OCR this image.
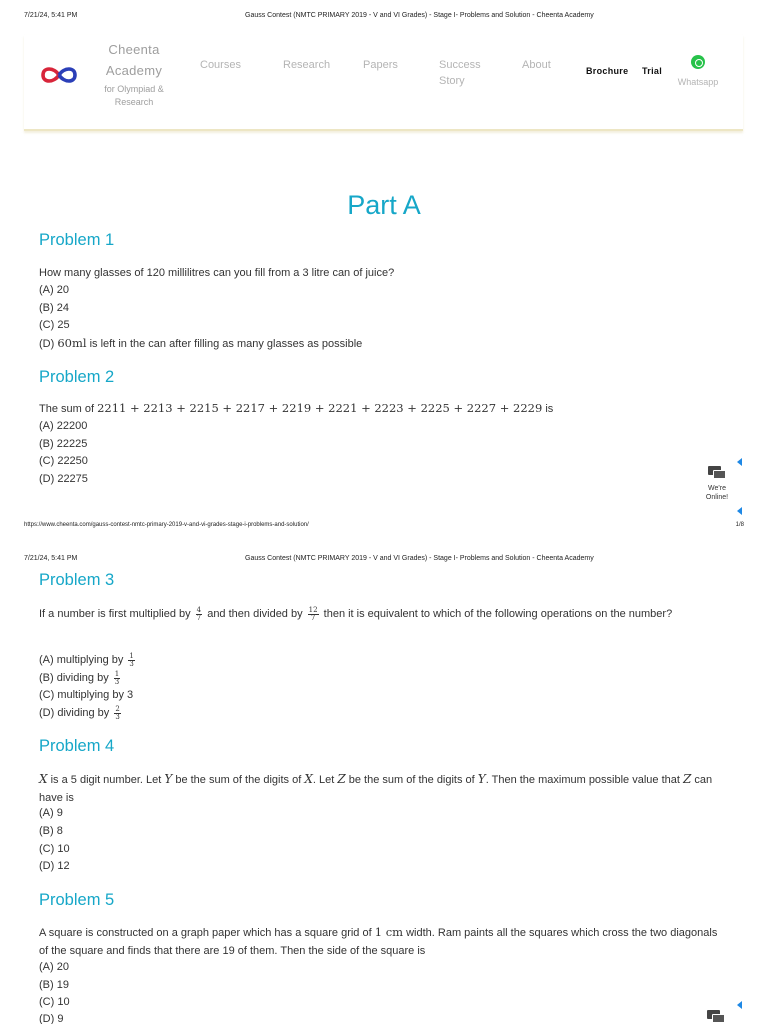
7/21/24, 5:41 PM	Gauss Contest (NMTC PRIMARY 2019 - V and VI Grades) - Stage I- Problems and Solution - Cheenta Academy
Cheenta
Academy
for Olympiad &
Research
Courses	Research	Papers	Success
Story
About	Brochure Trial
Whatsapp
Part A
Problem 1

How many glasses of 120 millilitres can you fill from a 3 litre can of juice?

(A) 20
(B) 24
(C) 25
(D) 60ml is left in the can after filling as many glasses as possible
Problem 2

The sum of 2211 + 2213 + 2215 + 2217 + 2219 + 2221 + 2223 + 2225 + 2227 + 2229 is

(A) 22200
(B) 22225
(C) 22250
(D) 22275
We're
Online!
https://www.cheenta.com/gauss-contest-nmtc-primary-2019-v-and-vi-grades-stage-i-problems-and-solution/	1/8
7/21/24, 5:41 PM	Gauss Contest (NMTC PRIMARY 2019 - V and VI Grades) - Stage I- Problems and Solution - Cheenta Academy
Problem 3

If a number is first multiplied by $\frac{4}{7}$ and then divided by $\frac{12}{7}$ then it is equivalent to which of the following operations on the number?

(A) multiplying by $\frac{1}{3}$
(B) dividing by $\frac{1}{3}$
(C) multiplying by 3
(D) dividing by $\frac{2}{3}$
Problem 4

X is a 5 digit number. Let Y be the sum of the digits of X. Let Z be the sum of the digits of Y. Then the maximum possible value that Z can have is

(A) 9
(B) 8
(C) 10
(D) 12
Problem 5

A square is constructed on a graph paper which has a square grid of 1 cm width. Ram paints all the squares which cross the two diagonals of the square and finds that there are 19 of them. Then the side of the square is

(A) 20
(B) 19
(C) 10
(D) 9
